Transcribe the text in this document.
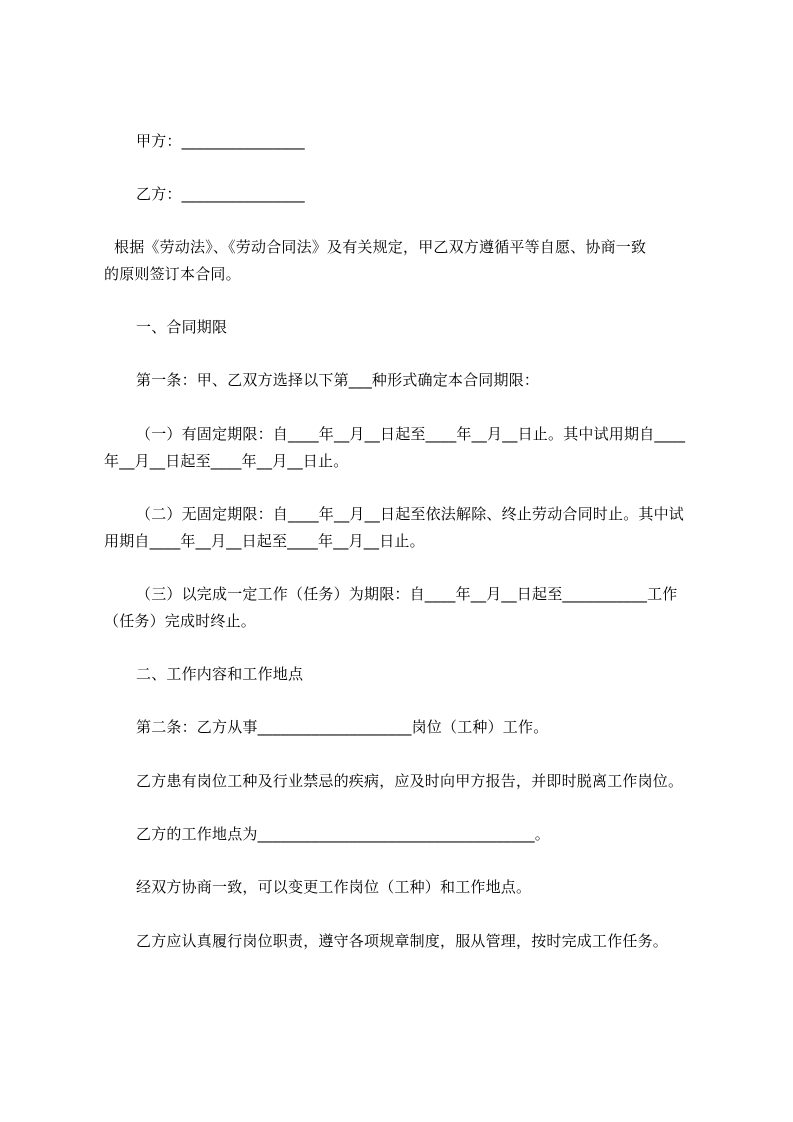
甲方：________________
乙方：________________
根据《劳动法》、《劳动合同法》及有关规定，甲乙双方遵循平等自愿、协商一致
的原则签订本合同。
一、合同期限
第一条：甲、乙双方选择以下第___种形式确定本合同期限：
（一）有固定期限：自____年__月__日起至____年__月__日止。其中试用期自____
年__月__日起至____年__月__日止。
（二）无固定期限：自____年__月__日起至依法解除、终止劳动合同时止。其中试
用期自____年__月__日起至____年__月__日止。
（三）以完成一定工作（任务）为期限：自____年__月__日起至___________工作
（任务）完成时终止。
二、工作内容和工作地点
第二条：乙方从事____________________岗位（工种）工作。
乙方患有岗位工种及行业禁忌的疾病，应及时向甲方报告，并即时脱离工作岗位。
乙方的工作地点为____________________________________。
经双方协商一致，可以变更工作岗位（工种）和工作地点。
乙方应认真履行岗位职责，遵守各项规章制度，服从管理，按时完成工作任务。
